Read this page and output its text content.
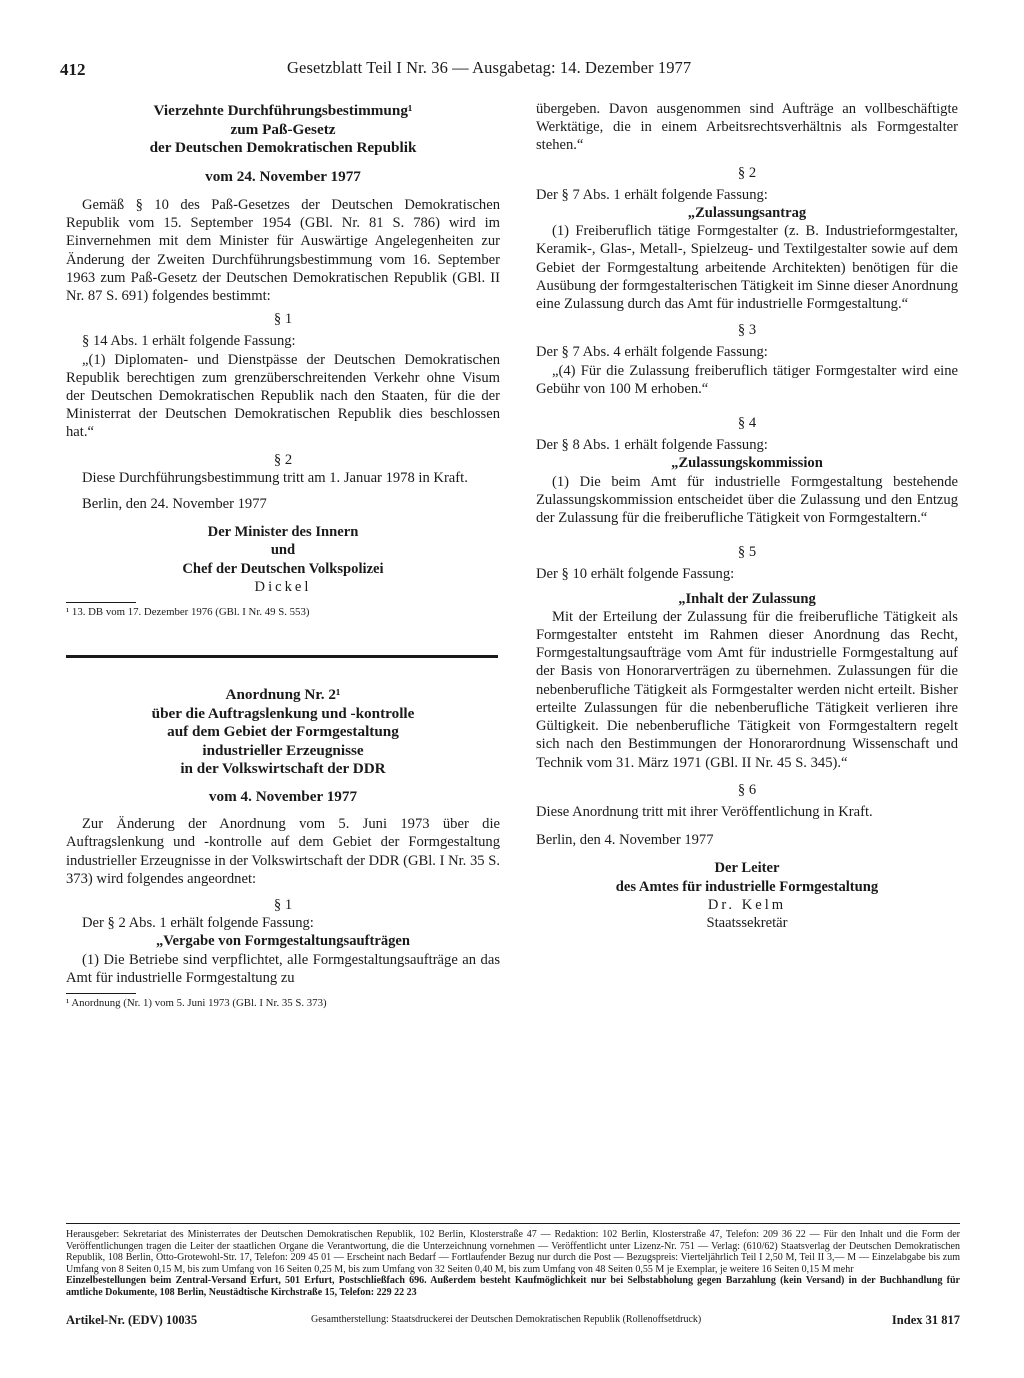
412	Gesetzblatt Teil I Nr. 36 — Ausgabetag: 14. Dezember 1977

Vierzehnte Durchführungsbestimmung¹

zum Paß-Gesetz

der Deutschen Demokratischen Republik

vom 24. November 1977

Gemäß § 10 des Paß-Gesetzes der Deutschen Demokratischen Republik vom 15. September 1954 (GBl. Nr. 81 S. 786) wird im Einvernehmen mit dem Minister für Auswärtige Angelegenheiten zur Änderung der Zweiten Durchführungsbestimmung vom 16. September 1963 zum Paß-Gesetz der Deutschen Demokratischen Republik (GBl. II Nr. 87 S. 691) folgendes bestimmt:

§ 1

§ 14 Abs. 1 erhält folgende Fassung:

„(1) Diplomaten- und Dienstpässe der Deutschen Demokratischen Republik berechtigen zum grenzüberschreitenden Verkehr ohne Visum der Deutschen Demokratischen Republik nach den Staaten, für die der Ministerrat der Deutschen Demokratischen Republik dies beschlossen hat.“

§ 2

Diese Durchführungsbestimmung tritt am 1. Januar 1978 in Kraft.

Berlin, den 24. November 1977

Der Minister des Innern

und

Chef der Deutschen Volkspolizei

Dickel

¹ 13. DB vom 17. Dezember 1976 (GBl. I Nr. 49 S. 553)

Anordnung Nr. 2¹

über die Auftragslenkung und -kontrolle

auf dem Gebiet der Formgestaltung

industrieller Erzeugnisse

in der Volkswirtschaft der DDR

vom 4. November 1977

Zur Änderung der Anordnung vom 5. Juni 1973 über die Auftragslenkung und -kontrolle auf dem Gebiet der Formgestaltung industrieller Erzeugnisse in der Volkswirtschaft der DDR (GBl. I Nr. 35 S. 373) wird folgendes angeordnet:

§ 1

Der § 2 Abs. 1 erhält folgende Fassung:

„Vergabe von Formgestaltungsaufträgen

(1) Die Betriebe sind verpflichtet, alle Formgestaltungsaufträge an das Amt für industrielle Formgestaltung zu

¹ Anordnung (Nr. 1) vom 5. Juni 1973 (GBl. I Nr. 35 S. 373)

übergeben. Davon ausgenommen sind Aufträge an vollbeschäftigte Werktätige, die in einem Arbeitsrechtsverhältnis als Formgestalter stehen.“

§ 2

Der § 7 Abs. 1 erhält folgende Fassung:

„Zulassungsantrag

(1) Freiberuflich tätige Formgestalter (z. B. Industrieformgestalter, Keramik-, Glas-, Metall-, Spielzeug- und Textilgestalter sowie auf dem Gebiet der Formgestaltung arbeitende Architekten) benötigen für die Ausübung der formgestalterischen Tätigkeit im Sinne dieser Anordnung eine Zulassung durch das Amt für industrielle Formgestaltung.“

§ 3

Der § 7 Abs. 4 erhält folgende Fassung:

„(4) Für die Zulassung freiberuflich tätiger Formgestalter wird eine Gebühr von 100 M erhoben.“

§ 4

Der § 8 Abs. 1 erhält folgende Fassung:

„Zulassungskommission

(1) Die beim Amt für industrielle Formgestaltung bestehende Zulassungskommission entscheidet über die Zulassung und den Entzug der Zulassung für die freiberufliche Tätigkeit von Formgestaltern.“

§ 5

Der § 10 erhält folgende Fassung:

„Inhalt der Zulassung

Mit der Erteilung der Zulassung für die freiberufliche Tätigkeit als Formgestalter entsteht im Rahmen dieser Anordnung das Recht, Formgestaltungsaufträge vom Amt für industrielle Formgestaltung auf der Basis von Honorarverträgen zu übernehmen. Zulassungen für die nebenberufliche Tätigkeit als Formgestalter werden nicht erteilt. Bisher erteilte Zulassungen für die nebenberufliche Tätigkeit verlieren ihre Gültigkeit. Die nebenberufliche Tätigkeit von Formgestaltern regelt sich nach den Bestimmungen der Honorarordnung Wissenschaft und Technik vom 31. März 1971 (GBl. II Nr. 45 S. 345).“

§ 6

Diese Anordnung tritt mit ihrer Veröffentlichung in Kraft.

Berlin, den 4. November 1977

Der Leiter

des Amtes für industrielle Formgestaltung

Dr. Kelm

Staatssekretär

Herausgeber: Sekretariat des Ministerrates der Deutschen Demokratischen Republik, 102 Berlin, Klosterstraße 47 — Redaktion: 102 Berlin, Klosterstraße 47, Telefon: 209 36 22 — Für den Inhalt und die Form der Veröffentlichungen tragen die Leiter der staatlichen Organe die Verantwortung, die die Unterzeichnung vornehmen — Veröffentlicht unter Lizenz-Nr. 751 — Verlag: (610/62) Staatsverlag der Deutschen Demokratischen Republik, 108 Berlin, Otto-Grotewohl-Str. 17, Telefon: 209 45 01 — Erscheint nach Bedarf — Fortlaufender Bezug nur durch die Post — Bezugspreis: Vierteljährlich Teil I 2,50 M, Teil II 3,— M — Einzelabgabe bis zum Umfang von 8 Seiten 0,15 M, bis zum Umfang von 16 Seiten 0,25 M, bis zum Umfang von 32 Seiten 0,40 M, bis zum Umfang von 48 Seiten 0,55 M je Exemplar, je weitere 16 Seiten 0,15 M mehr
Einzelbestellungen beim Zentral-Versand Erfurt, 501 Erfurt, Postschließfach 696. Außerdem besteht Kaufmöglichkeit nur bei Selbstabholung gegen Barzahlung (kein Versand) in der Buchhandlung für amtliche Dokumente, 108 Berlin, Neustädtische Kirchstraße 15, Telefon: 229 22 23
Artikel-Nr. (EDV) 10035	Gesamtherstellung: Staatsdruckerei der Deutschen Demokratischen Republik (Rollenoffsetdruck)	Index 31 817
